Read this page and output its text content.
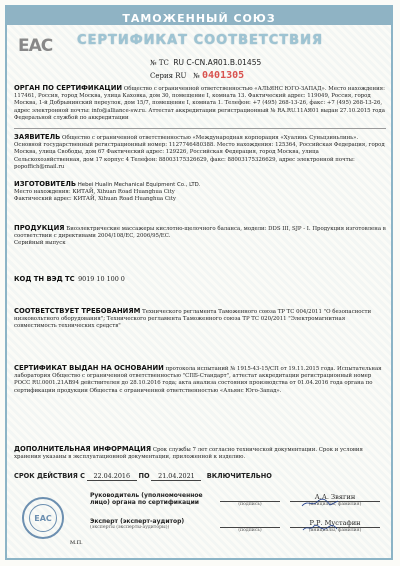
ТАМОЖЕННЫЙ СОЮЗ
EAC	СЕРТИФИКАТ СООТВЕТСТВИЯ
№ ТС RU C-CN.АЯ01.B.01455
Серия RU № 0401305
ОРГАН ПО СЕРТИФИКАЦИИ Общество с ограниченной ответственностью «АЛЬЯНС ЮГО-ЗАПАД». Место нахождения: 117461, Россия, город Москва, улица Каховка, дом 30, помещение I, комната 13. Фактический адрес: 119049, Россия, город Москва, 1-й Добрынинский переулок, дом 15/7, помещение I, комната 1. Телефон: +7 (495) 268-13-26, факс: +7 (495) 268-13-26, адрес электронной почты: info@alliance-sw.ru. Аттестат аккредитации регистрационный № RA.RU.11АЯ01 выдан 27.10.2015 года Федеральной службой по аккредитации
ЗАЯВИТЕЛЬ Общество с ограниченной ответственностью «Международная корпорация «Хуалинь Суньцзиньлинь». Основной государственный регистрационный номер: 1127746480388. Место нахождения: 125364, Российская Федерация, город Москва, улица Свободы, дом 67 Фактический адрес: 129226, Российская Федерация, город Москва, улица Сельскохозяйственная, дом 17 корпус 4 Телефон: 88003175326629, факс: 88003175326629, адрес электронной почты: popoffich@mail.ru
ИЗГОТОВИТЕЛЬ Hebei Hualin Mechanical Equipment Co., LTD.
Место нахождения: КИТАЙ, Xihuan Road Huanghua City
Фактический адрес: КИТАЙ, Xihuan Road Huanghua City
ПРОДУКЦИЯ Биоэлектрические массажеры кислотно-щелочного баланса, модели: DDS III, SJP - I. Продукция изготовлена в соответствии с директивами 2004/108/EC, 2006/95/EC.
Серийный выпуск
КОД ТН ВЭД ТС 9019 10 100 0
СООТВЕТСТВУЕТ ТРЕБОВАНИЯМ Технического регламента Таможенного союза ТР ТС 004/2011 "О безопасности низковольтного оборудования"; Технического регламента Таможенного союза ТР ТС 020/2011 "Электромагнитная совместимость технических средств"
СЕРТИФИКАТ ВЫДАН НА ОСНОВАНИИ протокола испытаний № 1915-43-15/СП от 19.11.2015 года. Испытательная лаборатория Общество с ограниченной ответственностью "СПБ-Стандарт", аттестат аккредитации регистрационный номер РОСС RU.0001.21АВ94 действителен до 28.10.2016 года; акта анализа состояния производства от 01.04.2016 года органа по сертификации продукции Общества с ограниченной ответственностью «Альянс Юго-Запад».
ДОПОЛНИТЕЛЬНАЯ ИНФОРМАЦИЯ Срок службы 7 лет согласно технической документации. Срок и условия хранения указаны в эксплуатационной документации, приложенной к изделию.
СРОК ДЕЙСТВИЯ С 22.04.2016 ПО 21.04.2021 ВКЛЮЧИТЕЛЬНО
Руководитель (уполномоченное
лицо) органа по сертификации	(подпись)
А.А. Звягин
(инициалы, фамилия)
Эксперт (эксперт-аудитор)
(эксперты (эксперты-аудиторы))
(подпись)
Р.Р. Мустафин
(инициалы, фамилия)
EAC
М.П.
